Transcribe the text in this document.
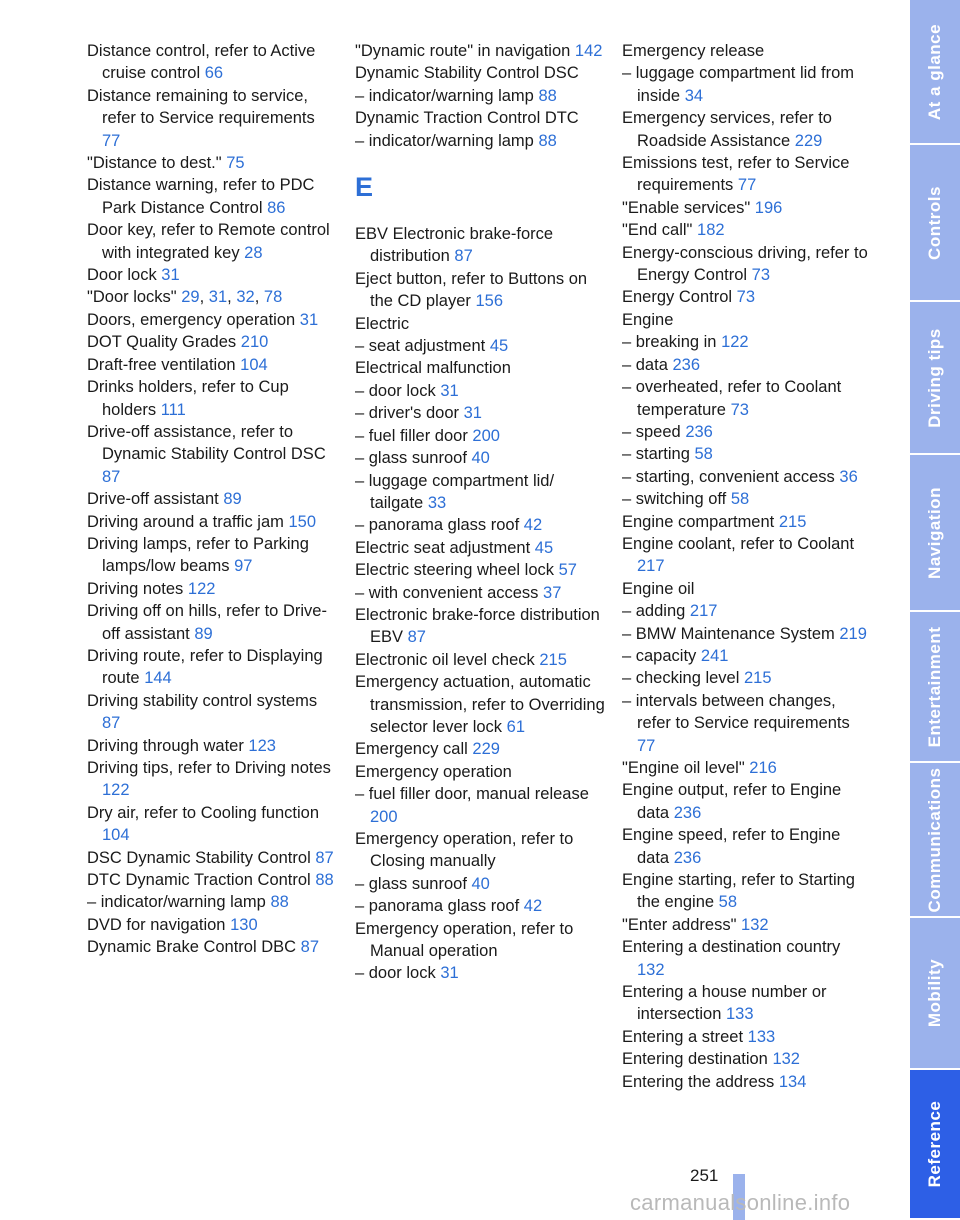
Distance control, refer to Active cruise control 66

Distance remaining to service, refer to Service requirements 77

"Distance to dest." 75

Distance warning, refer to PDC Park Distance Control 86

Door key, refer to Remote control with integrated key 28

Door lock 31

"Door locks" 29, 31, 32, 78

Doors, emergency operation 31

DOT Quality Grades 210

Draft-free ventilation 104

Drinks holders, refer to Cup holders 111

Drive-off assistance, refer to Dynamic Stability Control DSC 87

Drive-off assistant 89

Driving around a traffic jam 150

Driving lamps, refer to Parking lamps/low beams 97

Driving notes 122

Driving off on hills, refer to Drive-off assistant 89

Driving route, refer to Displaying route 144

Driving stability control systems 87

Driving through water 123

Driving tips, refer to Driving notes 122

Dry air, refer to Cooling function 104

DSC Dynamic Stability Control 87

DTC Dynamic Traction Control 88

– indicator/warning lamp 88

DVD for navigation 130

Dynamic Brake Control DBC 87

"Dynamic route" in navigation 142

Dynamic Stability Control DSC

– indicator/warning lamp 88

Dynamic Traction Control DTC

– indicator/warning lamp 88

E

EBV Electronic brake-force distribution 87

Eject button, refer to Buttons on the CD player 156

Electric

– seat adjustment 45

Electrical malfunction

– door lock 31

– driver's door 31

– fuel filler door 200

– glass sunroof 40

– luggage compartment lid/ tailgate 33

– panorama glass roof 42

Electric seat adjustment 45

Electric steering wheel lock 57

– with convenient access 37

Electronic brake-force distribution EBV 87

Electronic oil level check 215

Emergency actuation, automatic transmission, refer to Overriding selector lever lock 61

Emergency call 229

Emergency operation

– fuel filler door, manual release 200

Emergency operation, refer to Closing manually

– glass sunroof 40

– panorama glass roof 42

Emergency operation, refer to Manual operation

– door lock 31

Emergency release

– luggage compartment lid from inside 34

Emergency services, refer to Roadside Assistance 229

Emissions test, refer to Service requirements 77

"Enable services" 196

"End call" 182

Energy-conscious driving, refer to Energy Control 73

Energy Control 73

Engine

– breaking in 122

– data 236

– overheated, refer to Coolant temperature 73

– speed 236

– starting 58

– starting, convenient access 36

– switching off 58

Engine compartment 215

Engine coolant, refer to Coolant 217

Engine oil

– adding 217

– BMW Maintenance System 219

– capacity 241

– checking level 215

– intervals between changes, refer to Service requirements 77

"Engine oil level" 216

Engine output, refer to Engine data 236

Engine speed, refer to Engine data 236

Engine starting, refer to Starting the engine 58

"Enter address" 132

Entering a destination country 132

Entering a house number or intersection 133

Entering a street 133

Entering destination 132

Entering the address 134

At a glance
Controls
Driving tips
Navigation
Entertainment
Communications
Mobility
Reference
251
carmanualsonline.info
